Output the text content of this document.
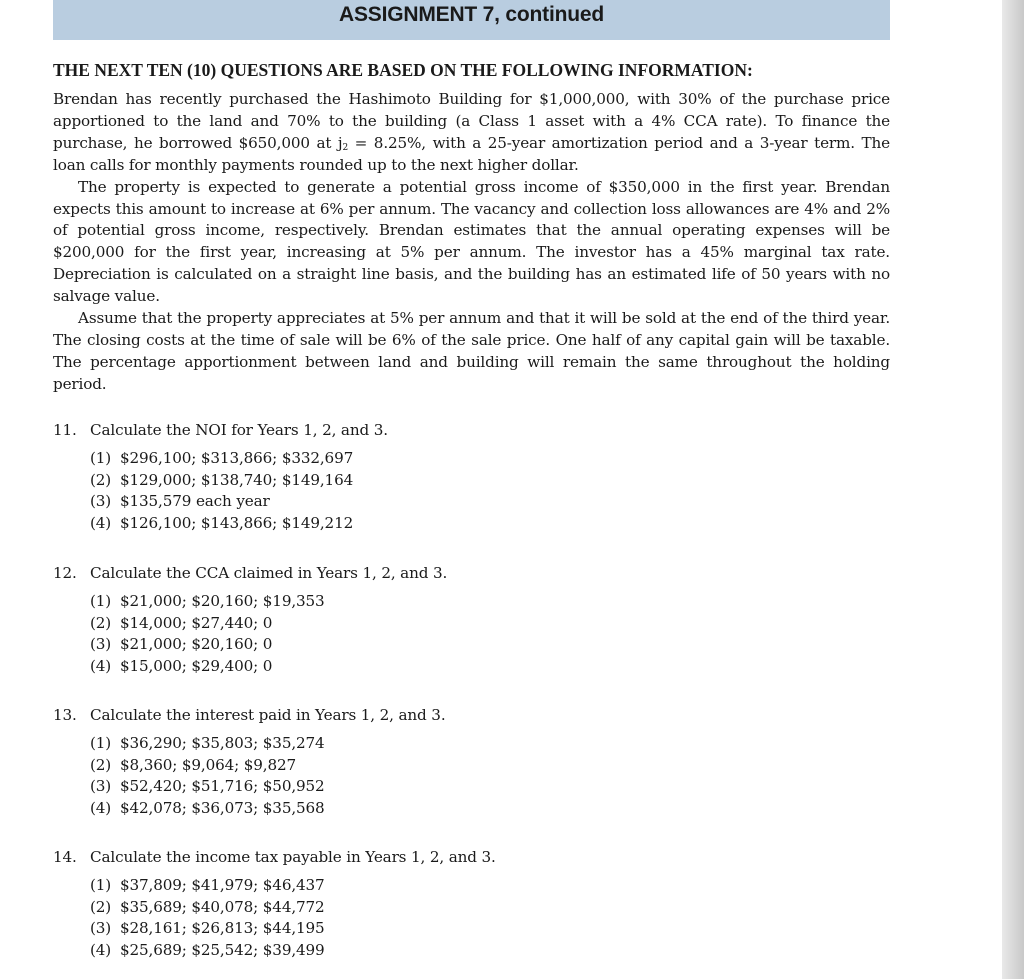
ASSIGNMENT 7, continued
THE NEXT TEN (10) QUESTIONS ARE BASED ON THE FOLLOWING INFORMATION:

Brendan has recently purchased the Hashimoto Building for $1,000,000, with 30% of the purchase price apportioned to the land and 70% to the building (a Class 1 asset with a 4% CCA rate). To finance the purchase, he borrowed $650,000 at $j_2 = 8.25\%$, with a 25-year amortization period and a 3-year term. The loan calls for monthly payments rounded up to the next higher dollar.

The property is expected to generate a potential gross income of $350,000 in the first year. Brendan expects this amount to increase at 6% per annum. The vacancy and collection loss allowances are 4% and 2% of potential gross income, respectively. Brendan estimates that the annual operating expenses will be $200,000 for the first year, increasing at 5% per annum. The investor has a 45% marginal tax rate. Depreciation is calculated on a straight line basis, and the building has an estimated life of 50 years with no salvage value.

Assume that the property appreciates at 5% per annum and that it will be sold at the end of the third year. The closing costs at the time of sale will be 6% of the sale price. One half of any capital gain will be taxable. The percentage apportionment between land and building will remain the same throughout the holding period.

11. Calculate the NOI for Years 1, 2, and 3.
(1) $296,100; $313,866; $332,697
(2) $129,000; $138,740; $149,164
(3) $135,579 each year
(4) $126,100; $143,866; $149,212
12. Calculate the CCA claimed in Years 1, 2, and 3.
(1) $21,000; $20,160; $19,353
(2) $14,000; $27,440; 0
(3) $21,000; $20,160; 0
(4) $15,000; $29,400; 0
13. Calculate the interest paid in Years 1, 2, and 3.
(1) $36,290; $35,803; $35,274
(2) $8,360; $9,064; $9,827
(3) $52,420; $51,716; $50,952
(4) $42,078; $36,073; $35,568
14. Calculate the income tax payable in Years 1, 2, and 3.
(1) $37,809; $41,979; $46,437
(2) $35,689; $40,078; $44,772
(3) $28,161; $26,813; $44,195
(4) $25,689; $25,542; $39,499
